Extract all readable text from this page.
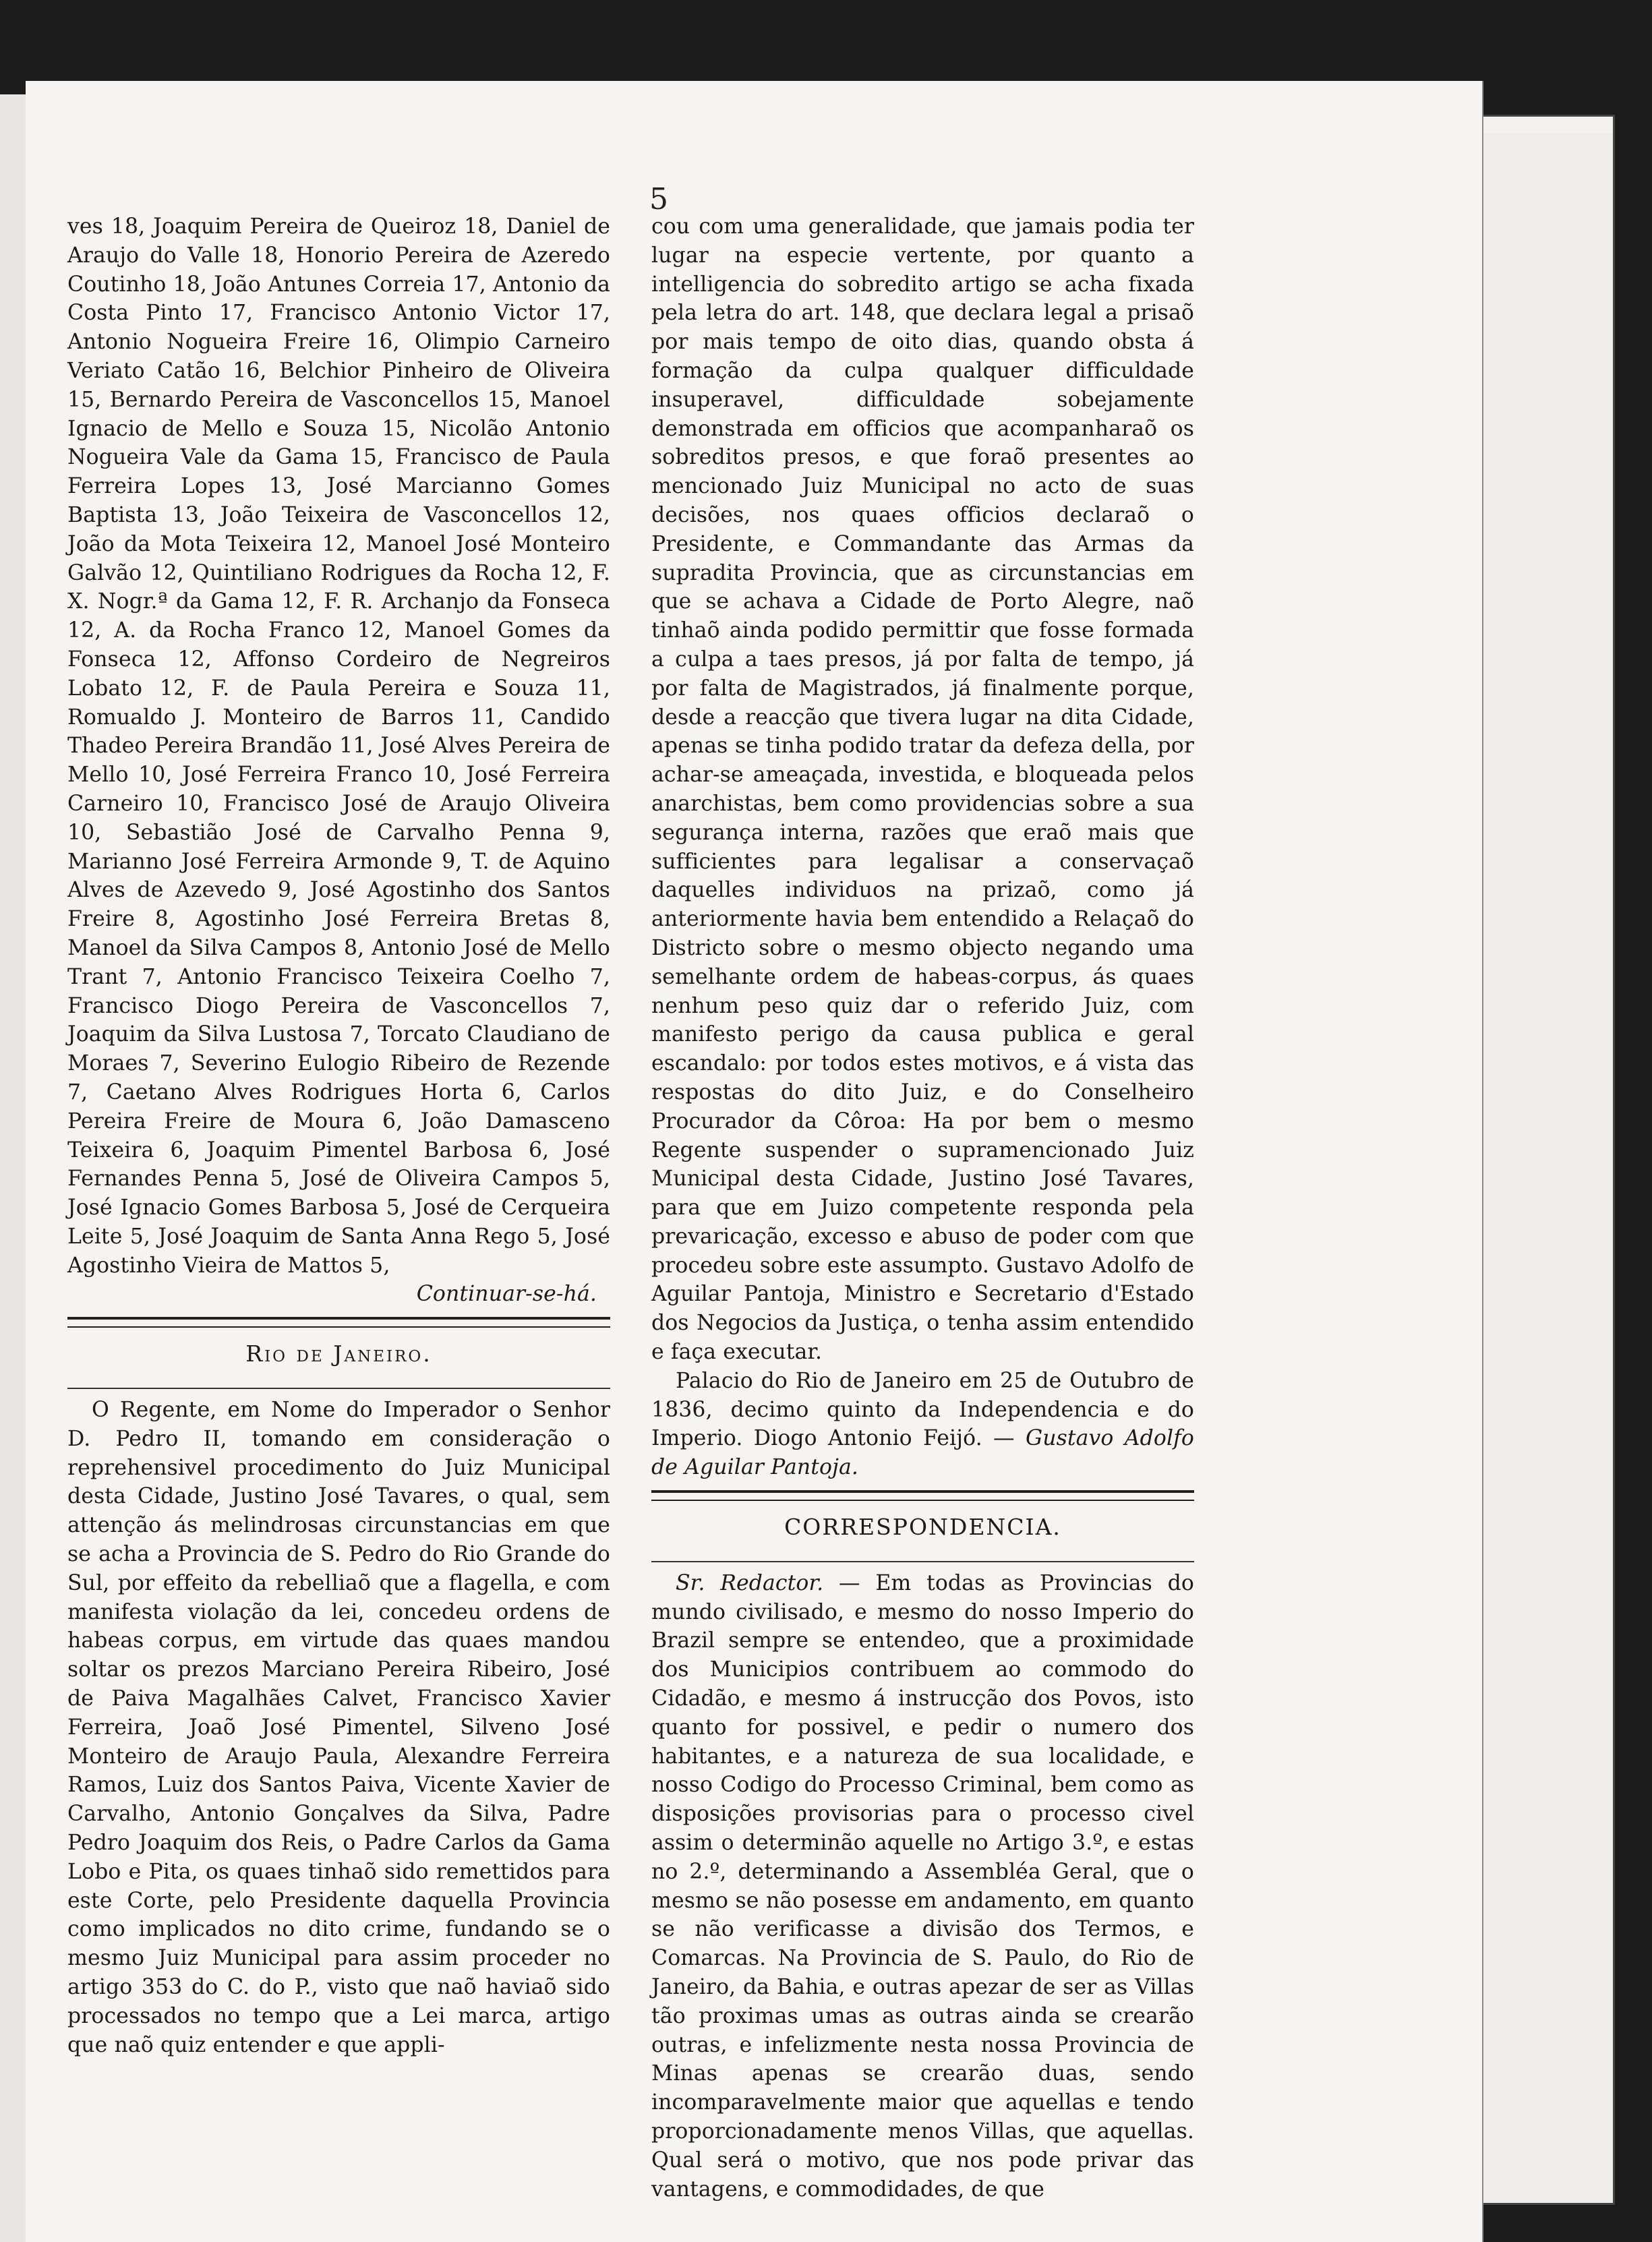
5

ves 18, Joaquim Pereira de Queiroz 18, Daniel de Araujo do Valle 18, Honorio Pereira de Azeredo Coutinho 18, João Antunes Correia 17, Antonio da Costa Pinto 17, Francisco Antonio Victor 17, Antonio Nogueira Freire 16, Olimpio Carneiro Veriato Catão 16, Belchior Pinheiro de Oliveira 15, Bernardo Pereira de Vasconcellos 15, Manoel Ignacio de Mello e Souza 15, Nicolão Antonio Nogueira Vale da Gama 15, Francisco de Paula Ferreira Lopes 13, José Marcianno Gomes Baptista 13, João Teixeira de Vasconcellos 12, João da Mota Teixeira 12, Manoel José Monteiro Galvão 12, Quintiliano Rodrigues da Rocha 12, F. X. Nogr.ª da Gama 12, F. R. Archanjo da Fonseca 12, A. da Rocha Franco 12, Manoel Gomes da Fonseca 12, Affonso Cordeiro de Negreiros Lobato 12, F. de Paula Pereira e Souza 11, Romualdo J. Monteiro de Barros 11, Candido Thadeo Pereira Brandão 11, José Alves Pereira de Mello 10, José Ferreira Franco 10, José Ferreira Carneiro 10, Francisco José de Araujo Oliveira 10, Sebastião José de Carvalho Penna 9, Marianno José Ferreira Armonde 9, T. de Aquino Alves de Azevedo 9, José Agostinho dos Santos Freire 8, Agostinho José Ferreira Bretas 8, Manoel da Silva Campos 8, Antonio José de Mello Trant 7, Antonio Francisco Teixeira Coelho 7, Francisco Diogo Pereira de Vasconcellos 7, Joaquim da Silva Lustosa 7, Torcato Claudiano de Moraes 7, Severino Eulogio Ribeiro de Rezende 7, Caetano Alves Rodrigues Horta 6, Carlos Pereira Freire de Moura 6, João Damasceno Teixeira 6, Joaquim Pimentel Barbosa 6, José Fernandes Penna 5, José de Oliveira Campos 5, José Ignacio Gomes Barbosa 5, José de Cerqueira Leite 5, José Joaquim de Santa Anna Rego 5, José Agostinho Vieira de Mattos 5,

Continuar-se-há.

Rio de Janeiro.

O Regente, em Nome do Imperador o Senhor D. Pedro II, tomando em consideração o reprehensivel procedimento do Juiz Municipal desta Cidade, Justino José Tavares, o qual, sem attenção ás melindrosas circunstancias em que se acha a Provincia de S. Pedro do Rio Grande do Sul, por effeito da rebelliaõ que a flagella, e com manifesta violação da lei, concedeu ordens de habeas corpus, em virtude das quaes mandou soltar os prezos Marciano Pereira Ribeiro, José de Paiva Magalhães Calvet, Francisco Xavier Ferreira, Joaõ José Pimentel, Silveno José Monteiro de Araujo Paula, Alexandre Ferreira Ramos, Luiz dos Santos Paiva, Vicente Xavier de Carvalho, Antonio Gonçalves da Silva, Padre Pedro Joaquim dos Reis, o Padre Carlos da Gama Lobo e Pita, os quaes tinhaõ sido remettidos para este Corte, pelo Presidente daquella Provincia como implicados no dito crime, fundando se o mesmo Juiz Municipal para assim proceder no artigo 353 do C. do P., visto que naõ haviaõ sido processados no tempo que a Lei marca, artigo que naõ quiz entender e que appli-

cou com uma generalidade, que jamais podia ter lugar na especie vertente, por quanto a intelligencia do sobredito artigo se acha fixada pela letra do art. 148, que declara legal a prisaõ por mais tempo de oito dias, quando obsta á formação da culpa qualquer difficuldade insuperavel, difficuldade sobejamente demonstrada em officios que acompanharaõ os sobreditos presos, e que foraõ presentes ao mencionado Juiz Municipal no acto de suas decisões, nos quaes officios declaraõ o Presidente, e Commandante das Armas da supradita Provincia, que as circunstancias em que se achava a Cidade de Porto Alegre, naõ tinhaõ ainda podido permittir que fosse formada a culpa a taes presos, já por falta de tempo, já por falta de Magistrados, já finalmente porque, desde a reacção que tivera lugar na dita Cidade, apenas se tinha podido tratar da defeza della, por achar-se ameaçada, investida, e bloqueada pelos anarchistas, bem como providencias sobre a sua segurança interna, razões que eraõ mais que sufficientes para legalisar a conservaçaõ daquelles individuos na prizaõ, como já anteriormente havia bem entendido a Relaçaõ do Districto sobre o mesmo objecto negando uma semelhante ordem de habeas-corpus, ás quaes nenhum peso quiz dar o referido Juiz, com manifesto perigo da causa publica e geral escandalo: por todos estes motivos, e á vista das respostas do dito Juiz, e do Conselheiro Procurador da Côroa: Ha por bem o mesmo Regente suspender o supramencionado Juiz Municipal desta Cidade, Justino José Tavares, para que em Juizo competente responda pela prevaricação, excesso e abuso de poder com que procedeu sobre este assumpto. Gustavo Adolfo de Aguilar Pantoja, Ministro e Secretario d'Estado dos Negocios da Justiça, o tenha assim entendido e faça executar.

Palacio do Rio de Janeiro em 25 de Outubro de 1836, decimo quinto da Independencia e do Imperio. Diogo Antonio Feijó. — Gustavo Adolfo de Aguilar Pantoja.

CORRESPONDENCIA.

Sr. Redactor. — Em todas as Provincias do mundo civilisado, e mesmo do nosso Imperio do Brazil sempre se entendeo, que a proximidade dos Municipios contribuem ao commodo do Cidadão, e mesmo á instrucção dos Povos, isto quanto for possivel, e pedir o numero dos habitantes, e a natureza de sua localidade, e nosso Codigo do Processo Criminal, bem como as disposições provisorias para o processo civel assim o determinão aquelle no Artigo 3.º, e estas no 2.º, determinando a Assembléa Geral, que o mesmo se não posesse em andamento, em quanto se não verificasse a divisão dos Termos, e Comarcas. Na Provincia de S. Paulo, do Rio de Janeiro, da Bahia, e outras apezar de ser as Villas tão proximas umas as outras ainda se crearão outras, e infelizmente nesta nossa Provincia de Minas apenas se crearão duas, sendo incomparavelmente maior que aquellas e tendo proporcionadamente menos Villas, que aquellas. Qual será o motivo, que nos pode privar das vantagens, e commodidades, de que
